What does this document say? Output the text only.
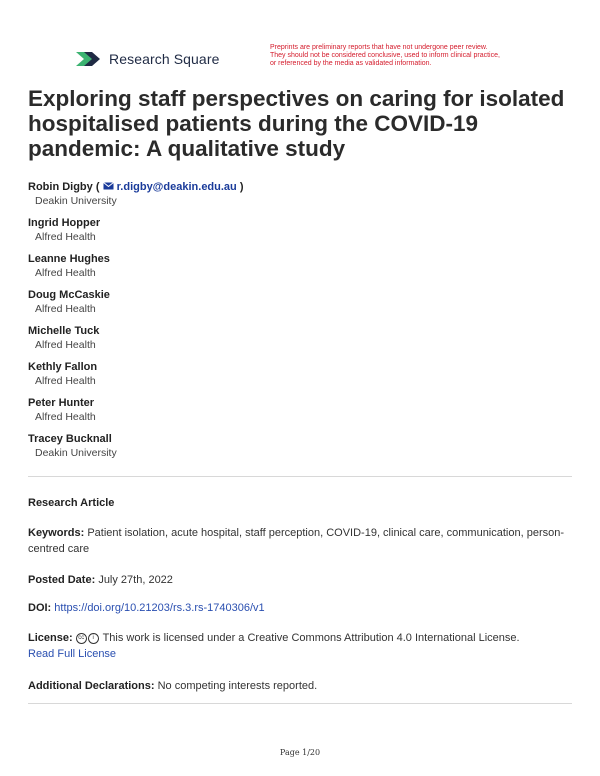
Research Square
Preprints are preliminary reports that have not undergone peer review.
They should not be considered conclusive, used to inform clinical practice,
or referenced by the media as validated information.
Exploring staff perspectives on caring for isolated hospitalised patients during the COVID-19 pandemic: A qualitative study
Robin Digby (  r.digby@deakin.edu.au )
Deakin University
Ingrid Hopper
Alfred Health
Leanne Hughes
Alfred Health
Doug McCaskie
Alfred Health
Michelle Tuck
Alfred Health
Kethly Fallon
Alfred Health
Peter Hunter
Alfred Health
Tracey Bucknall
Deakin University
Research Article
Keywords: Patient isolation, acute hospital, staff perception, COVID-19, clinical care, communication, person-centred care
Posted Date: July 27th, 2022
DOI: https://doi.org/10.21203/rs.3.rs-1740306/v1
License: cc i This work is licensed under a Creative Commons Attribution 4.0 International License.
Read Full License
Additional Declarations: No competing interests reported.
Page 1/20
